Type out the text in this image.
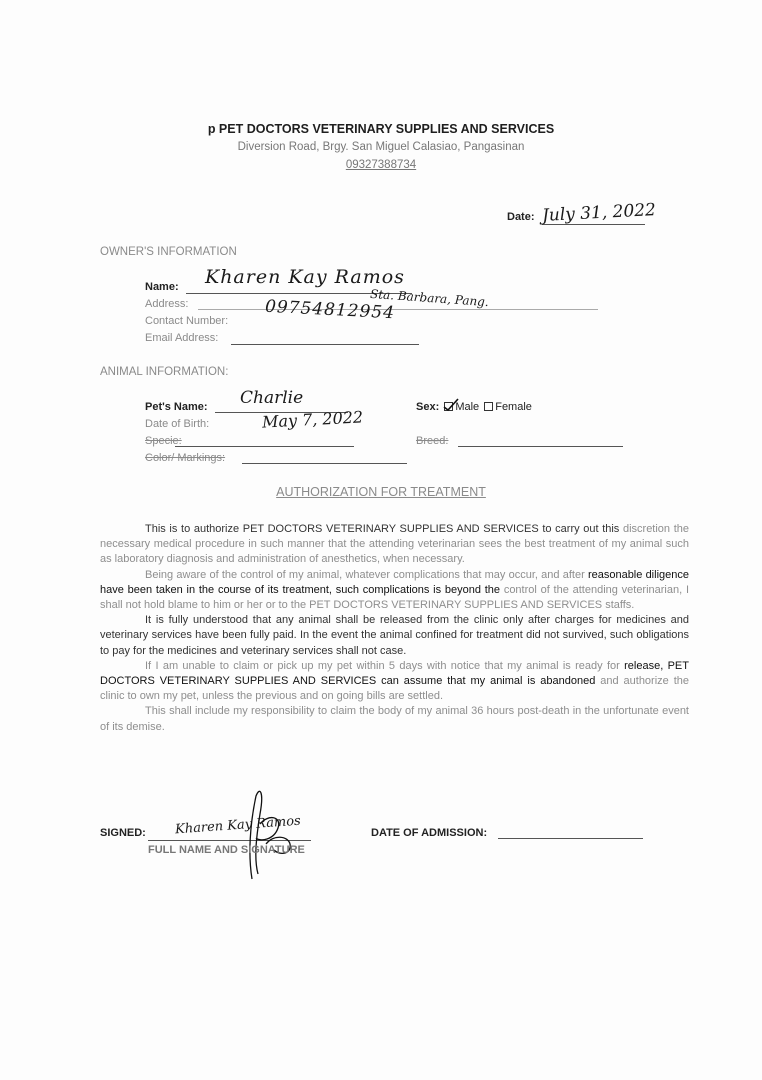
p PET DOCTORS VETERINARY SUPPLIES AND SERVICES
Diversion Road, Brgy. San Miguel Calasiao, Pangasinan
09327388734
Date: July 31, 2022
OWNER'S INFORMATION
Name: Kharen Kay Ramos
Address:	Sta. Barbara, Pang.
Contact Number: 09754812954
Email Address:
ANIMAL INFORMATION:
Pet's Name: Charlie
Date of Birth:	May 7, 2022
Specie:
Color/ Markings:
Sex: Male Female
Breed:
AUTHORIZATION FOR TREATMENT

This is to authorize PET DOCTORS VETERINARY SUPPLIES AND SERVICES to carry out this discretion the necessary medical procedure in such manner that the attending veterinarian sees the best treatment of my animal such as laboratory diagnosis and administration of anesthetics, when necessary.

Being aware of the control of my animal, whatever complications that may occur, and after reasonable diligence have been taken in the course of its treatment, such complications is beyond the control of the attending veterinarian, I shall not hold blame to him or her or to the PET DOCTORS VETERINARY SUPPLIES AND SERVICES staffs.

It is fully understood that any animal shall be released from the clinic only after charges for medicines and veterinary services have been fully paid. In the event the animal confined for treatment did not survived, such obligations to pay for the medicines and veterinary services shall not case.

If I am unable to claim or pick up my pet within 5 days with notice that my animal is ready for release, PET DOCTORS VETERINARY SUPPLIES AND SERVICES can assume that my animal is abandoned and authorize the clinic to own my pet, unless the previous and on going bills are settled.

This shall include my responsibility to claim the body of my animal 36 hours post-death in the unfortunate event of its demise.

SIGNED: Kharen Kay Ramos
FULL NAME AND SIGNATURE
DATE OF ADMISSION:
